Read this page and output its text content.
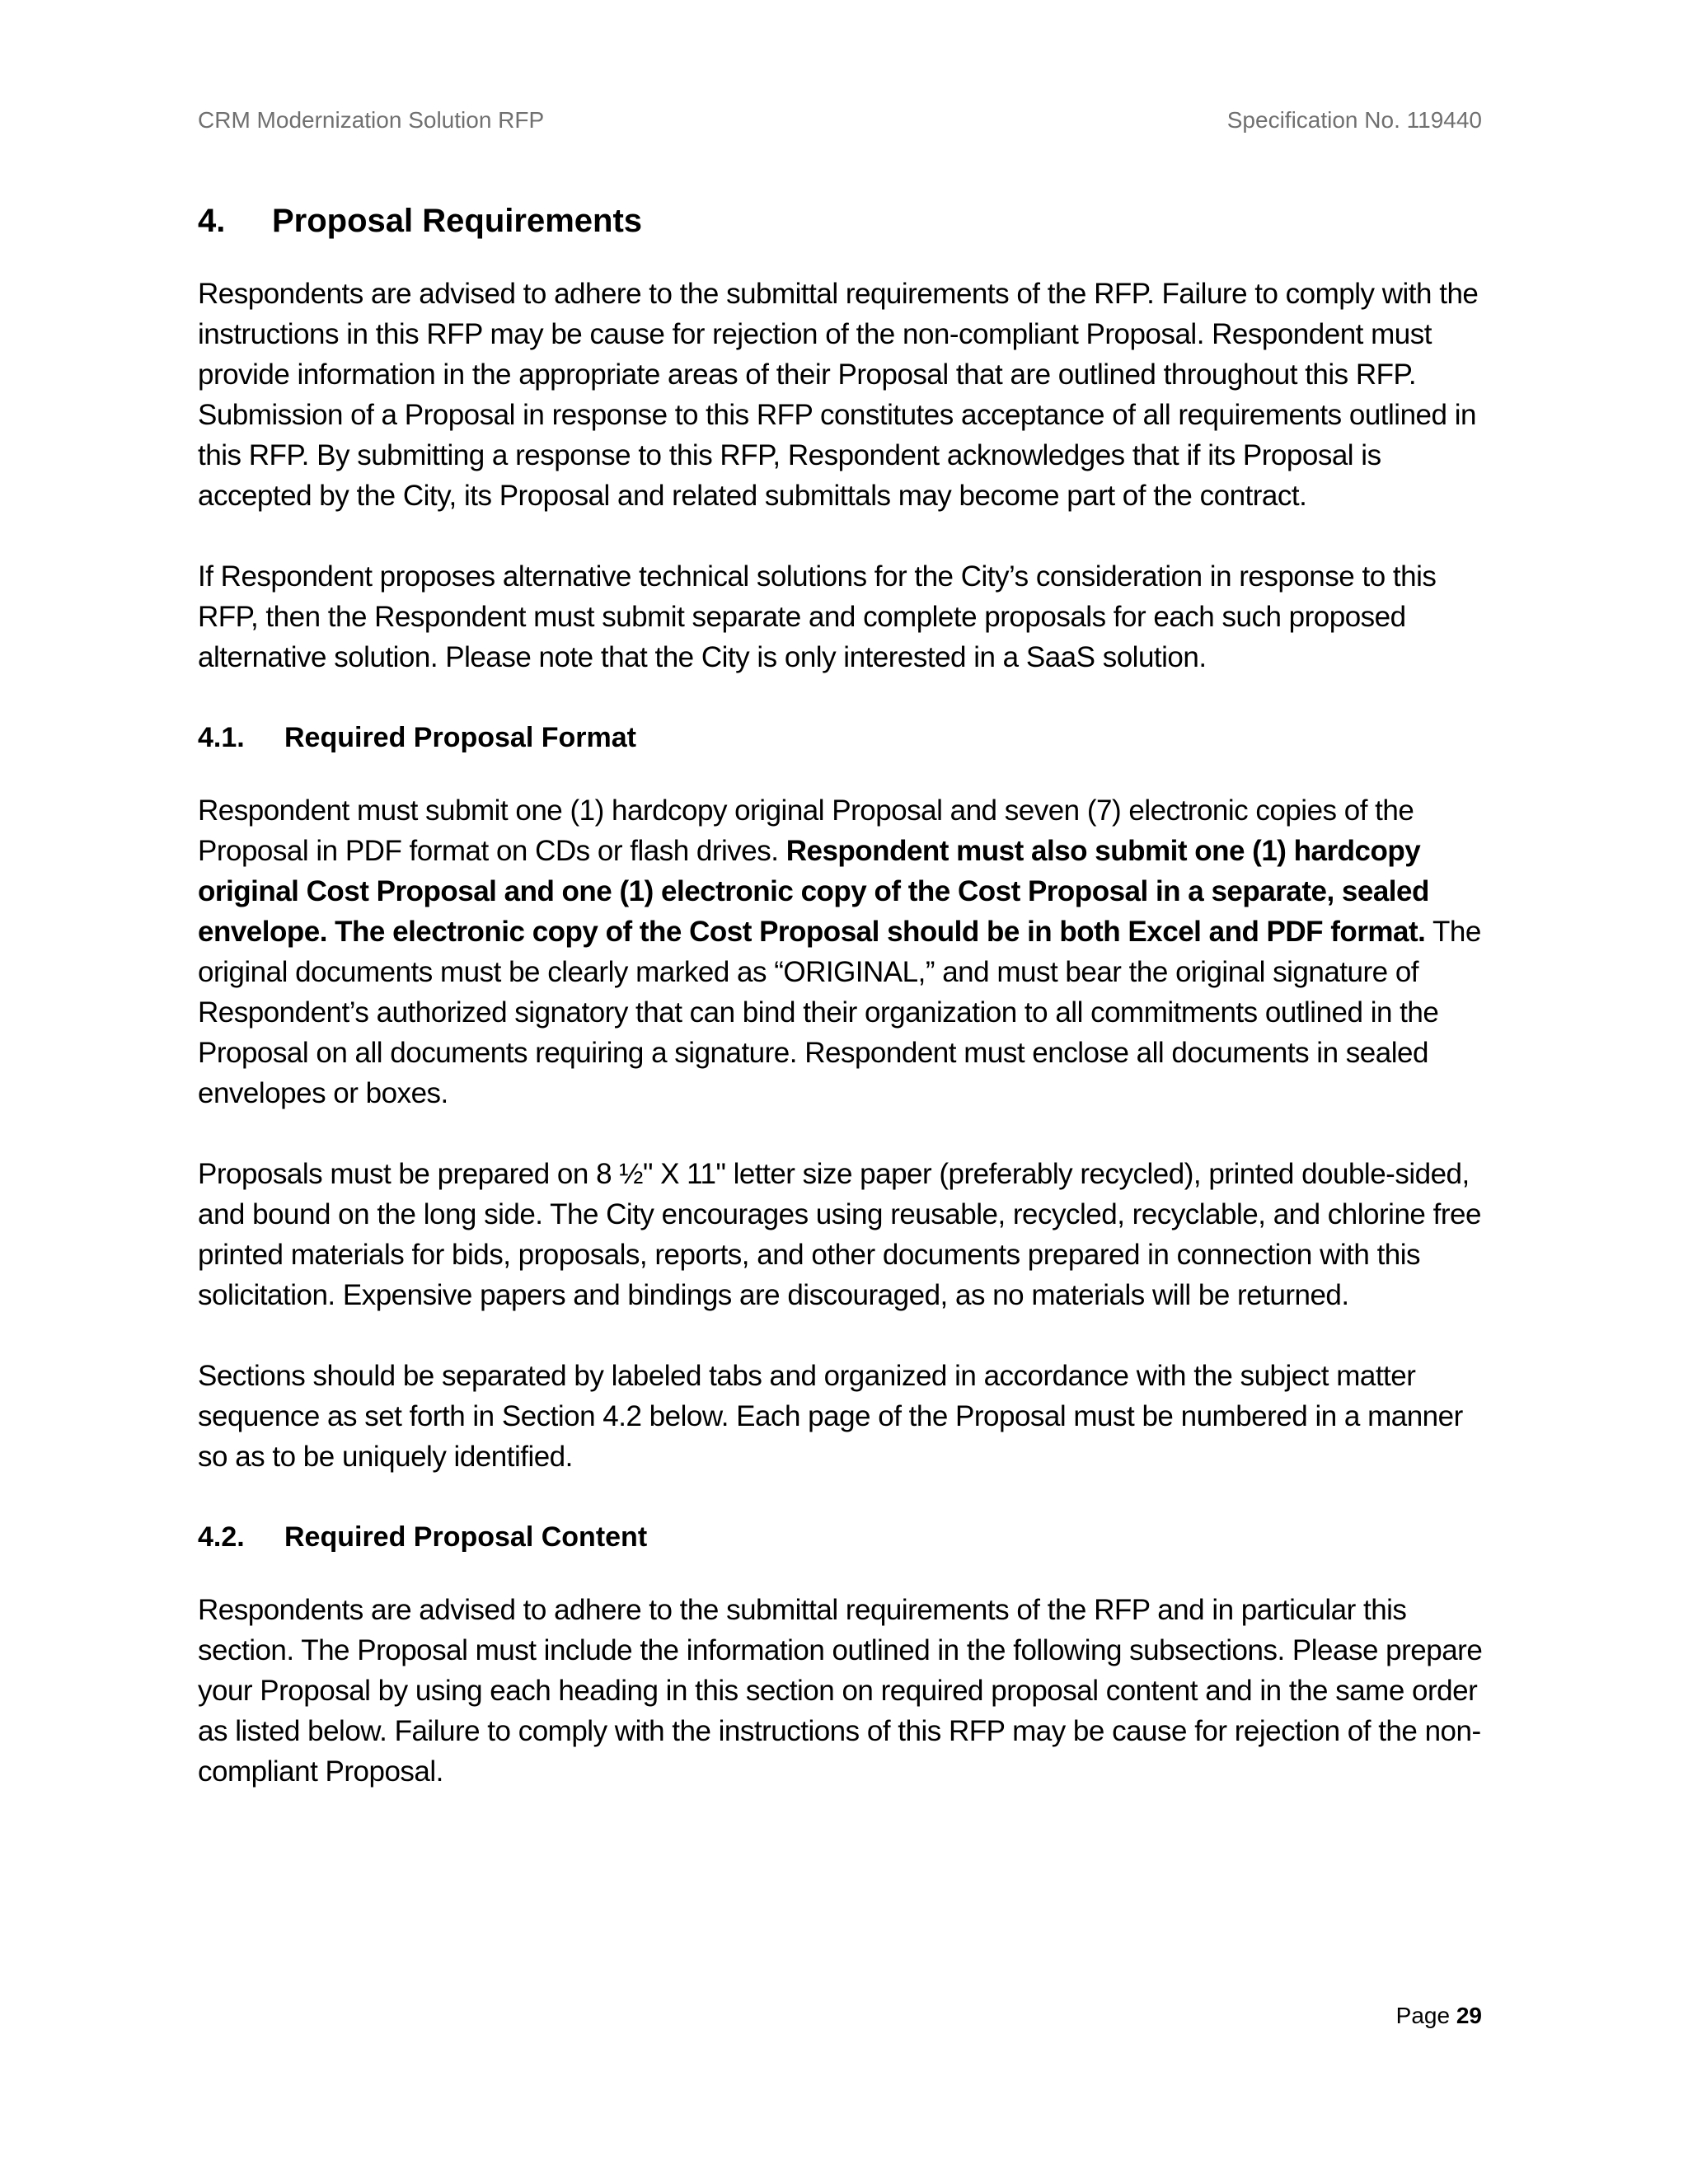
CRM Modernization Solution RFP	Specification No. 119440
4. Proposal Requirements

Respondents are advised to adhere to the submittal requirements of the RFP. Failure to comply with the instructions in this RFP may be cause for rejection of the non-compliant Proposal. Respondent must provide information in the appropriate areas of their Proposal that are outlined throughout this RFP. Submission of a Proposal in response to this RFP constitutes acceptance of all requirements outlined in this RFP. By submitting a response to this RFP, Respondent acknowledges that if its Proposal is accepted by the City, its Proposal and related submittals may become part of the contract.

If Respondent proposes alternative technical solutions for the City’s consideration in response to this RFP, then the Respondent must submit separate and complete proposals for each such proposed alternative solution. Please note that the City is only interested in a SaaS solution.

4.1. Required Proposal Format

Respondent must submit one (1) hardcopy original Proposal and seven (7) electronic copies of the Proposal in PDF format on CDs or flash drives. Respondent must also submit one (1) hardcopy original Cost Proposal and one (1) electronic copy of the Cost Proposal in a separate, sealed envelope. The electronic copy of the Cost Proposal should be in both Excel and PDF format. The original documents must be clearly marked as “ORIGINAL,” and must bear the original signature of Respondent’s authorized signatory that can bind their organization to all commitments outlined in the Proposal on all documents requiring a signature. Respondent must enclose all documents in sealed envelopes or boxes.

Proposals must be prepared on 8 ½" X 11" letter size paper (preferably recycled), printed double-sided, and bound on the long side. The City encourages using reusable, recycled, recyclable, and chlorine free printed materials for bids, proposals, reports, and other documents prepared in connection with this solicitation. Expensive papers and bindings are discouraged, as no materials will be returned.

Sections should be separated by labeled tabs and organized in accordance with the subject matter sequence as set forth in Section 4.2 below. Each page of the Proposal must be numbered in a manner so as to be uniquely identified.

4.2. Required Proposal Content

Respondents are advised to adhere to the submittal requirements of the RFP and in particular this section. The Proposal must include the information outlined in the following subsections. Please prepare your Proposal by using each heading in this section on required proposal content and in the same order as listed below. Failure to comply with the instructions of this RFP may be cause for rejection of the non-compliant Proposal.

Page 29
